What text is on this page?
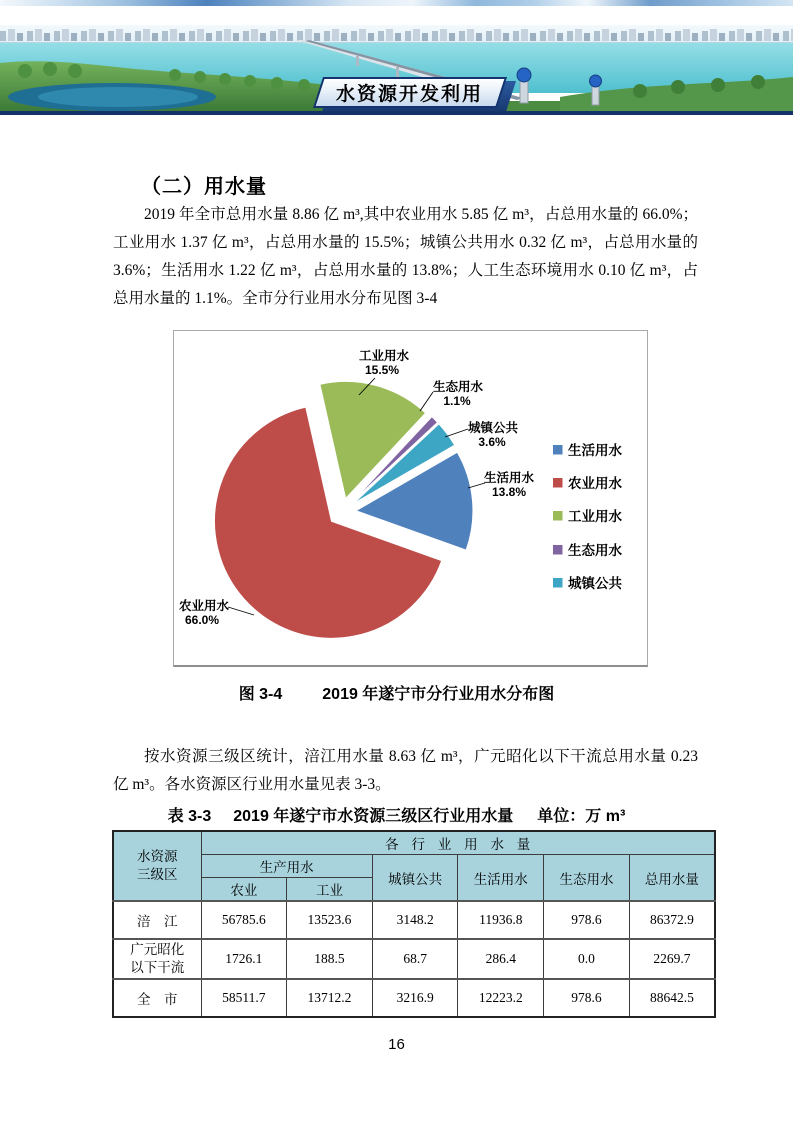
水资源开发利用
（二）用水量

2019 年全市总用水量 8.86 亿 m³,其中农业用水 5.85 亿 m³，占总用水量的 66.0%；工业用水 1.37 亿 m³，占总用水量的 15.5%；城镇公共用水 0.32 亿 m³，占总用水量的 3.6%；生活用水 1.22 亿 m³，占总用水量的 13.8%；人工生态环境用水 0.10 亿 m³，占总用水量的 1.1%。全市分行业用水分布见图 3-4

生活用水
13.8%
农业用水
66.0%
工业用水
15.5%
生态用水
1.1%
城镇公共
3.6%
生活用水
农业用水
工业用水
生态用水
城镇公共
图 3-4	2019 年遂宁市分行业用水分布图

按水资源三级区统计，涪江用水量 8.63 亿 m³，广元昭化以下干流总用水量 0.23 亿 m³。各水资源区行业用水量见表 3-3。

表 3-3 2019 年遂宁市水资源三级区行业用水量 单位：万 m³
水资源三级区	各行业用水量					
	生产用水		城镇公共	生活用水	生态用水	总用水量
	农业	工业				
涪　江	56785.6	13523.6	3148.2	11936.8	978.6	86372.9
广元昭化以下干流	1726.1	188.5	68.7	286.4	0.0	2269.7
全　市	58511.7	13712.2	3216.9	12223.2	978.6	88642.5
16
